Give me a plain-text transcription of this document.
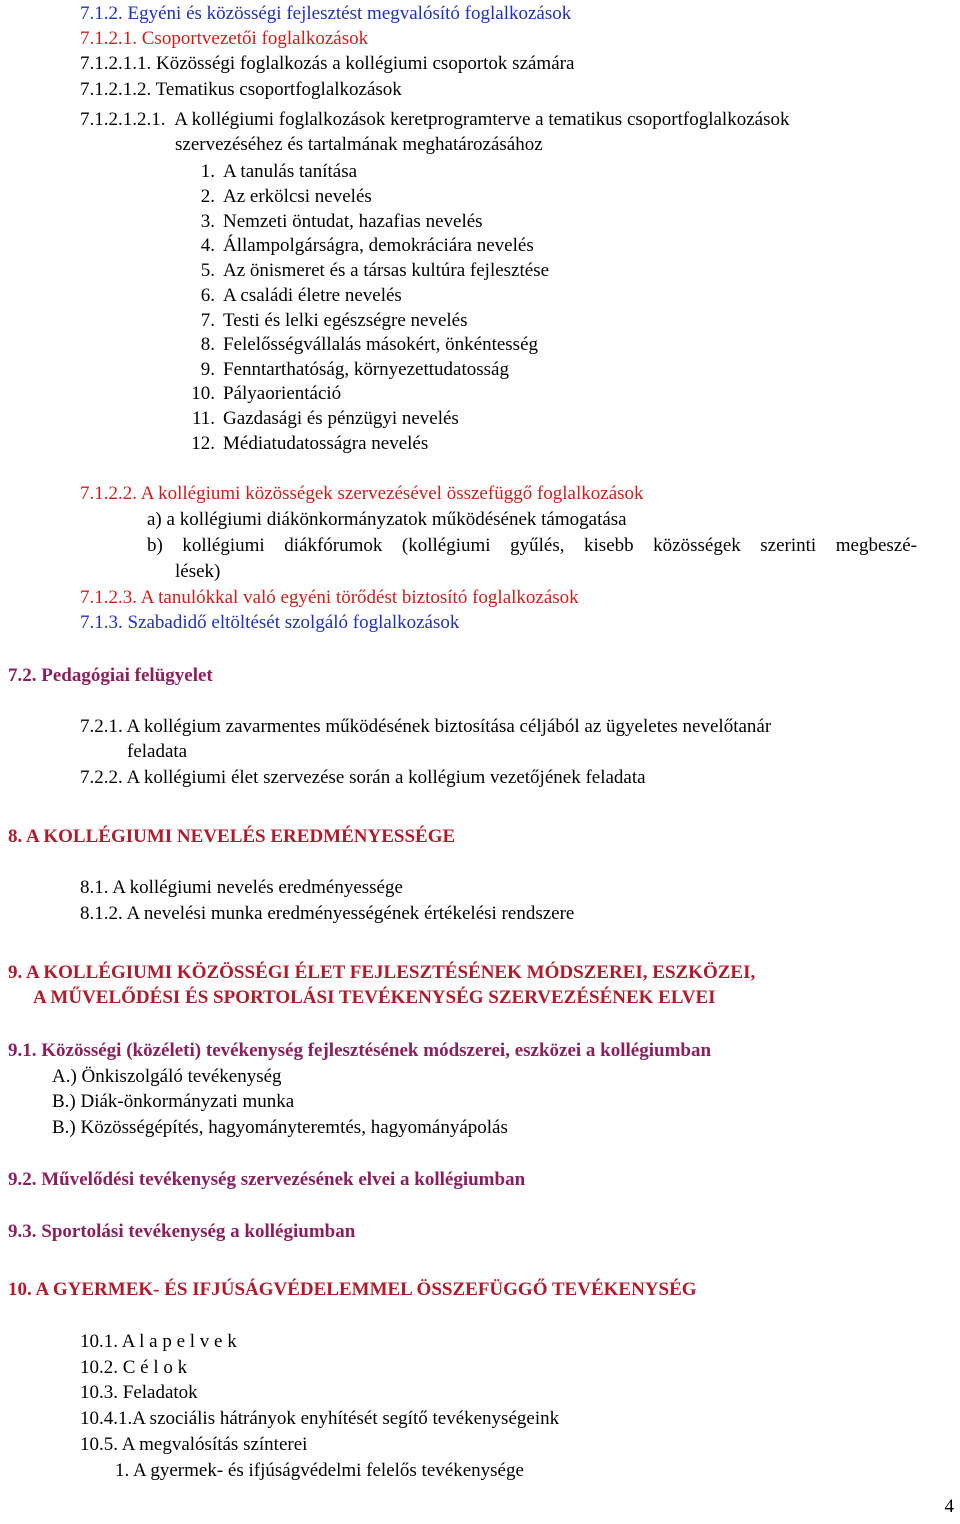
7.1.2. Egyéni és közösségi fejlesztést megvalósító foglalkozások
7.1.2.1. Csoportvezetői foglalkozások
7.1.2.1.1. Közösségi foglalkozás a kollégiumi csoportok számára
7.1.2.1.2. Tematikus csoportfoglalkozások
7.1.2.1.2.1. A kollégiumi foglalkozások keretprogramterve a tematikus csoportfoglalkozások
szervezéséhez és tartalmának meghatározásához
1. A tanulás tanítása
2. Az erkölcsi nevelés
3. Nemzeti öntudat, hazafias nevelés
4. Állampolgárságra, demokráciára nevelés
5. Az önismeret és a társas kultúra fejlesztése
6. A családi életre nevelés
7. Testi és lelki egészségre nevelés
8. Felelősségvállalás másokért, önkéntesség
9. Fenntarthatóság, környezettudatosság
10. Pályaorientáció
11. Gazdasági és pénzügyi nevelés
12. Médiatudatosságra nevelés
7.1.2.2. A kollégiumi közösségek szervezésével összefüggő foglalkozások
a) a kollégiumi diákönkormányzatok működésének támogatása
b) kollégiumi diákfórumok (kollégiumi gyűlés, kisebb közösségek szerinti megbeszé-
lések)
7.1.2.3. A tanulókkal való egyéni törődést biztosító foglalkozások
7.1.3. Szabadidő eltöltését szolgáló foglalkozások
7.2. Pedagógiai felügyelet
7.2.1. A kollégium zavarmentes működésének biztosítása céljából az ügyeletes nevelőtanár
feladata
7.2.2. A kollégiumi élet szervezése során a kollégium vezetőjének feladata
8. A KOLLÉGIUMI NEVELÉS EREDMÉNYESSÉGE
8.1. A kollégiumi nevelés eredményessége
8.1.2. A nevelési munka eredményességének értékelési rendszere
9. A KOLLÉGIUMI KÖZÖSSÉGI ÉLET FEJLESZTÉSÉNEK MÓDSZEREI, ESZKÖZEI,
A MŰVELŐDÉSI ÉS SPORTOLÁSI TEVÉKENYSÉG SZERVEZÉSÉNEK ELVEI
9.1. Közösségi (közéleti) tevékenység fejlesztésének módszerei, eszközei a kollégiumban
A.) Önkiszolgáló tevékenység
B.) Diák-önkormányzati munka
B.) Közösségépítés, hagyományteremtés, hagyományápolás
9.2. Művelődési tevékenység szervezésének elvei a kollégiumban
9.3. Sportolási tevékenység a kollégiumban
10. A GYERMEK- ÉS IFJÚSÁGVÉDELEMMEL ÖSSZEFÜGGŐ TEVÉKENYSÉG
10.1. A l a p e l v e k
10.2. C é l o k
10.3. Feladatok
10.4.1.A szociális hátrányok enyhítését segítő tevékenységeink
10.5. A megvalósítás színterei
1. A gyermek- és ifjúságvédelmi felelős tevékenysége
4
